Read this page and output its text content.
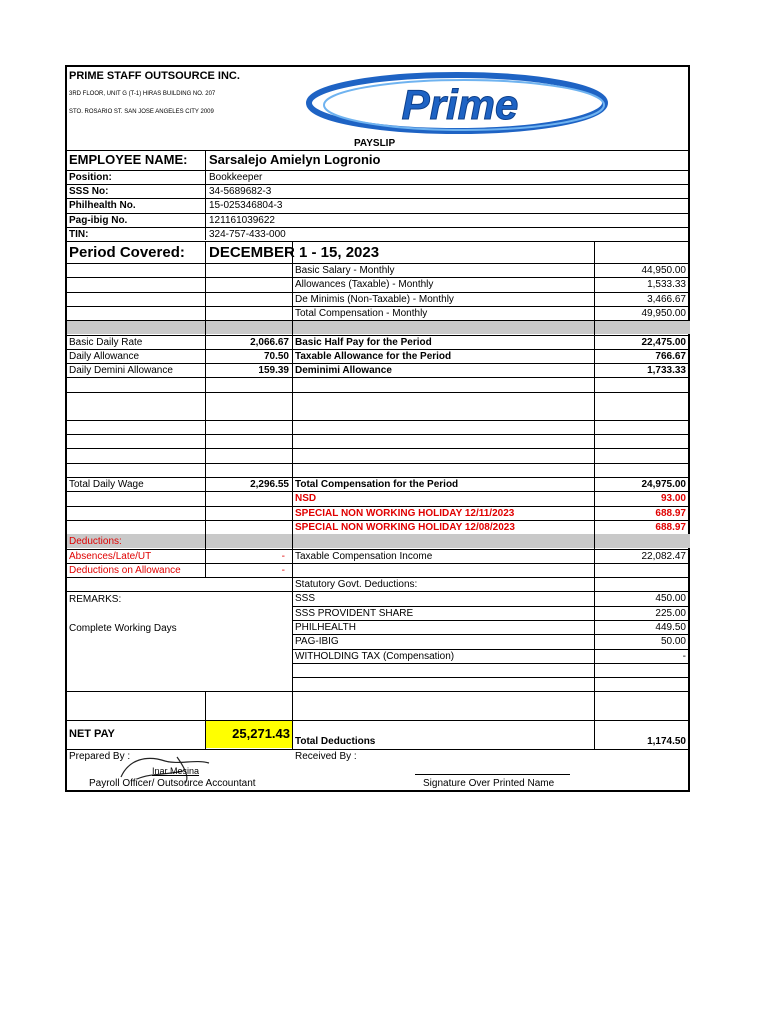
PRIME STAFF OUTSOURCE INC.
3RD FLOOR, UNIT G (T-1) HIRAS BUILDING NO. 207
STO. ROSARIO ST. SAN JOSE ANGELES CITY 2009	Prime
PAYSLIP
EMPLOYEE NAME: Sarsalejo Amielyn Logronio
Position:	Bookkeeper
SSS No:	34-5689682-3
Philhealth No.	15-025346804-3
Pag-ibig No.	121161039622
TIN:	324-757-433-000
Period Covered: DECEMBER 1 - 15, 2023
Basic Salary - Monthly	44,950.00
Allowances (Taxable) - Monthly	1,533.33
De Minimis (Non-Taxable) - Monthly	3,466.67
Total Compensation - Monthly	49,950.00
Basic Daily Rate	2,066.67 Basic Half Pay for the Period	22,475.00
Daily Allowance	70.50 Taxable Allowance for the Period	766.67
Daily Demini Allowance	159.39 Deminimi Allowance	1,733.33
Total Daily Wage	2,296.55 Total Compensation for the Period	24,975.00
NSD	93.00
SPECIAL NON WORKING HOLIDAY 12/11/2023	688.97
SPECIAL NON WORKING HOLIDAY 12/08/2023	688.97
Deductions:
Absences/Late/UT	-
Deductions on Allowance	-
Taxable Compensation Income	22,082.47
Statutory Govt. Deductions:
SSS	450.00
SSS PROVIDENT SHARE	225.00
PHILHEALTH	449.50
PAG-IBIG	50.00
WITHOLDING TAX (Compensation)	-
REMARKS:
Complete Working Days
NET PAY	25,271.43
Total Deductions	1,174.50
Prepared By :
Inar Mesina
Payroll Officer/ Outsource Accountant
Received By :
Signature Over Printed Name
